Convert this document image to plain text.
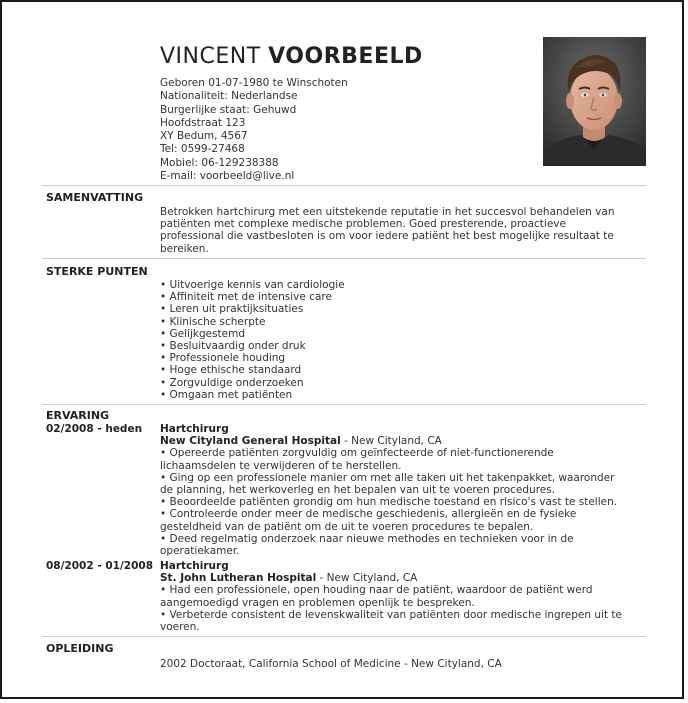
VINCENT VOORBEELD
Geboren 01-07-1980 te Winschoten
Nationaliteit: Nederlandse
Burgerlijke staat: Gehuwd
Hoofdstraat 123
XY Bedum, 4567
Tel: 0599-27468
Mobiel: 06-129238388
E-mail: voorbeeld@live.nl
SAMENVATTING
Betrokken hartchirurg met een uitstekende reputatie in het succesvol behandelen van patiënten met complexe medische problemen. Goed presterende, proactieve professional die vastbesloten is om voor iedere patiënt het best mogelijke resultaat te bereiken.
STERKE PUNTEN
• Uitvoerige kennis van cardiologie
• Affiniteit met de intensive care
• Leren uit praktijksituaties
• Klinische scherpte
• Gelijkgestemd
• Besluitvaardig onder druk
• Professionele houding
• Hoge ethische standaard
• Zorgvuldige onderzoeken
• Omgaan met patiënten
ERVARING
02/2008 - heden Hartchirurg
New Cityland General Hospital - New Cityland, CA
• Opereerde patiënten zorgvuldig om geïnfecteerde of niet-functionerende lichaamsdelen te verwijderen of te herstellen.
• Ging op een professionele manier om met alle taken uit het takenpakket, waaronder de planning, het werkoverleg en het bepalen van uit te voeren procedures.
• Beoordeelde patiënten grondig om hun medische toestand en risico's vast te stellen.
• Controleerde onder meer de medische geschiedenis, allergieën en de fysieke gesteldheid van de patiënt om de uit te voeren procedures te bepalen.
• Deed regelmatig onderzoek naar nieuwe methodes en technieken voor in de operatiekamer.
08/2002 - 01/2008 Hartchirurg
St. John Lutheran Hospital - New Cityland, CA
• Had een professionele, open houding naar de patiënt, waardoor de patiënt werd aangemoedigd vragen en problemen openlijk te bespreken.
• Verbeterde consistent de levenskwaliteit van patiënten door medische ingrepen uit te voeren.
OPLEIDING
2002 Doctoraat, California School of Medicine - New Cityland, CA
